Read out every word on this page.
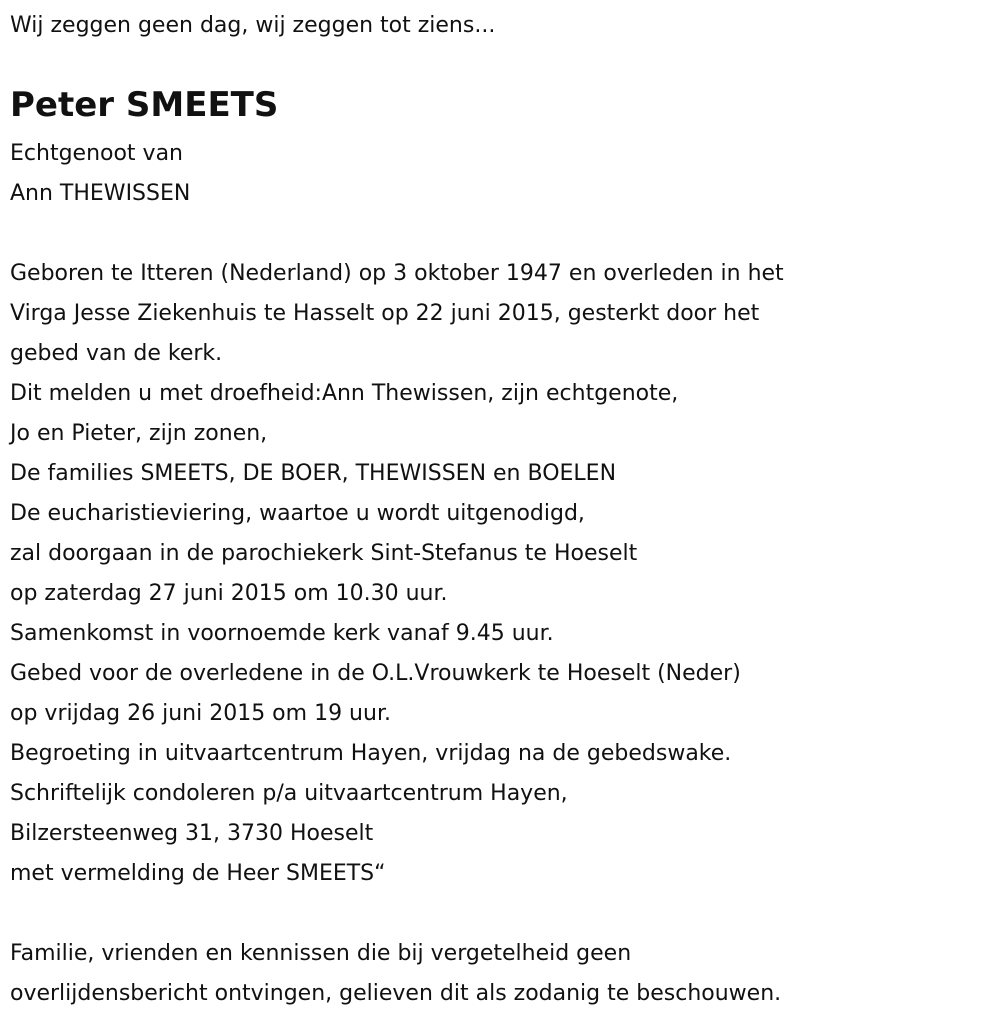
Wij zeggen geen dag, wij zeggen tot ziens...
Peter SMEETS
Echtgenoot van
Ann THEWISSEN
Geboren te Itteren (Nederland) op 3 oktober 1947 en overleden in het
Virga Jesse Ziekenhuis te Hasselt op 22 juni 2015, gesterkt door het
gebed van de kerk.
Dit melden u met droefheid:Ann Thewissen, zijn echtgenote,
Jo en Pieter, zijn zonen,
De families SMEETS, DE BOER, THEWISSEN en BOELEN
De eucharistieviering, waartoe u wordt uitgenodigd,
zal doorgaan in de parochiekerk Sint-Stefanus te Hoeselt
op zaterdag 27 juni 2015 om 10.30 uur.
Samenkomst in voornoemde kerk vanaf 9.45 uur.
Gebed voor de overledene in de O.L.Vrouwkerk te Hoeselt (Neder)
op vrijdag 26 juni 2015 om 19 uur.
Begroeting in uitvaartcentrum Hayen, vrijdag na de gebedswake.
Schriftelijk condoleren p/a uitvaartcentrum Hayen,
Bilzersteenweg 31, 3730 Hoeselt
met vermelding de Heer SMEETS“
Familie, vrienden en kennissen die bij vergetelheid geen
overlijdensbericht ontvingen, gelieven dit als zodanig te beschouwen.
